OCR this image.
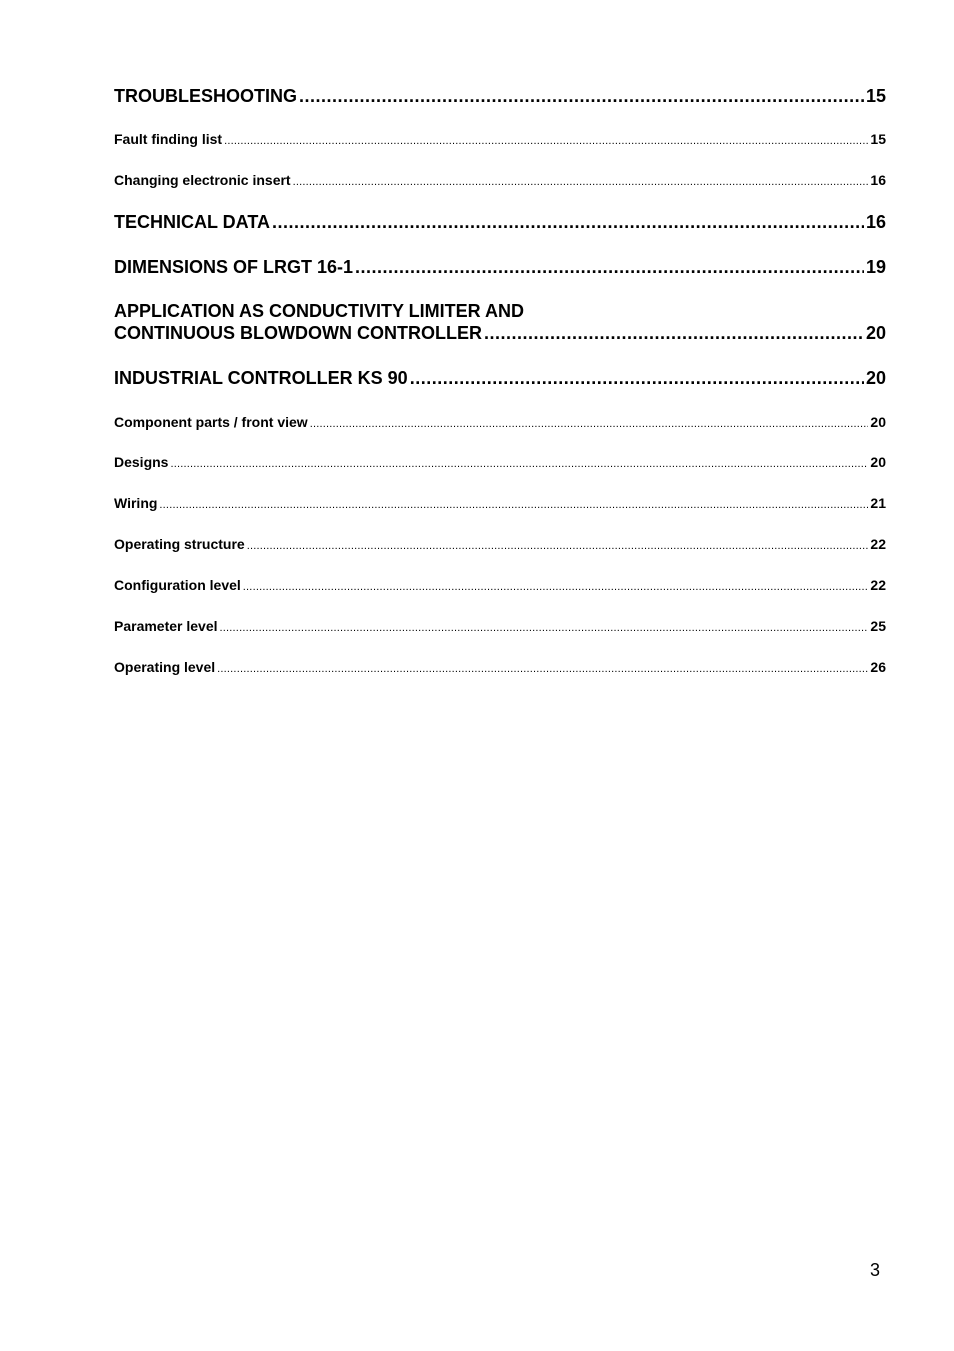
TROUBLESHOOTING .....	15
Fault finding list .....	15
Changing electronic insert .....	16
TECHNICAL DATA .....	16
DIMENSIONS OF LRGT 16-1 .....	19
APPLICATION AS CONDUCTIVITY LIMITER AND
CONTINUOUS BLOWDOWN CONTROLLER .....	20
INDUSTRIAL CONTROLLER KS 90 .....	20
Component parts / front view .....	20
Designs .....	20
Wiring .....	21
Operating structure .....	22
Configuration level .....	22
Parameter level .....	25
Operating level .....	26
3
